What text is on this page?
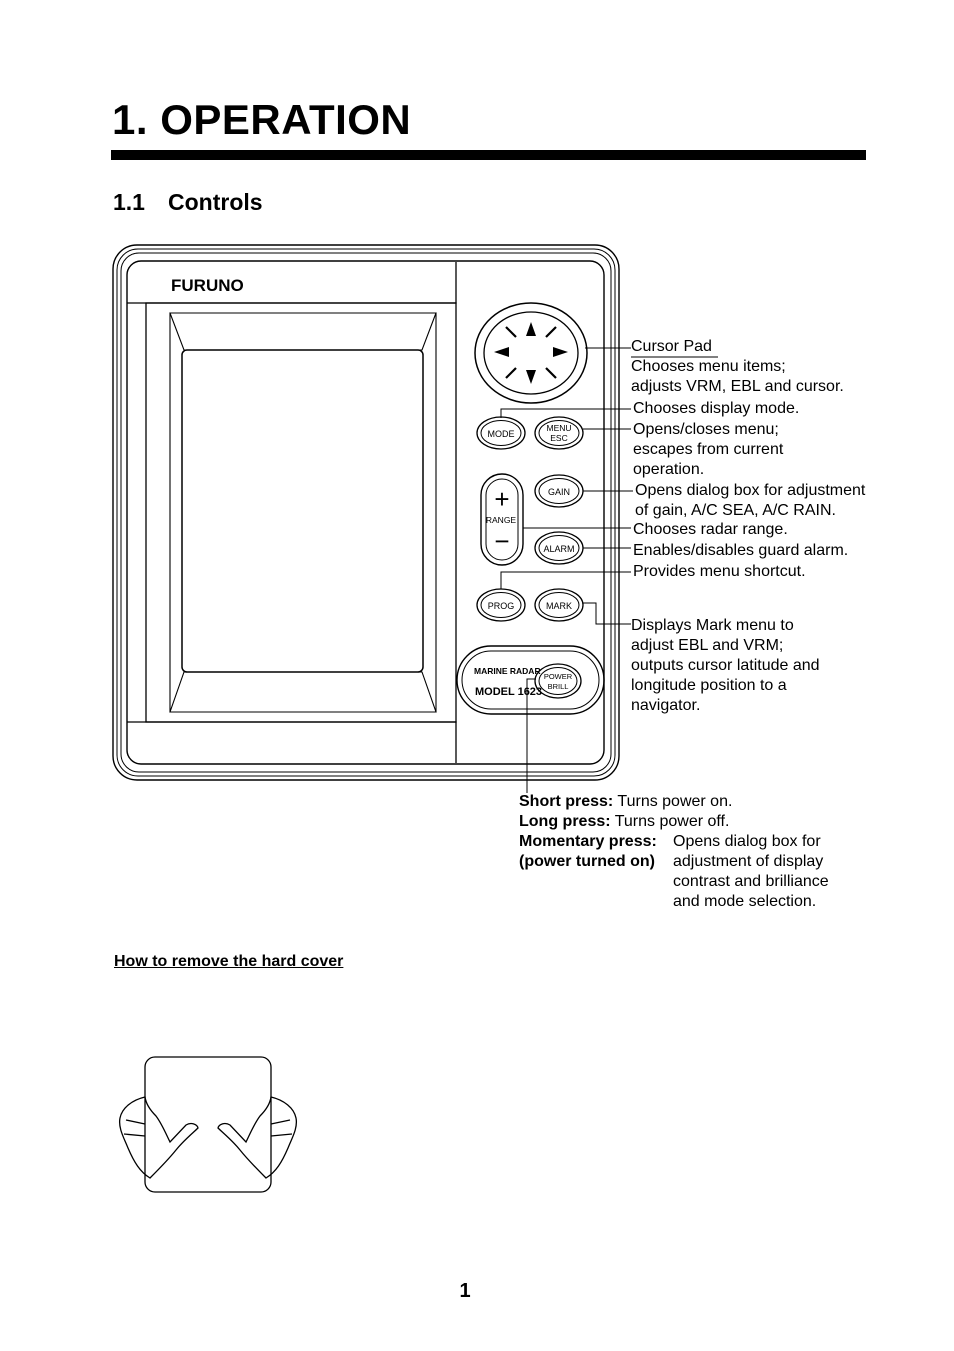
1. OPERATION
1.1 Controls
FURUNO
MODE
MENU
ESC
+
RANGE
−
GAIN
ALARM
PROG	MARK
MARINE RADAR
MODEL 1623
POWER
BRILL
Cursor Pad
Chooses menu items;
adjusts VRM, EBL and cursor.
Chooses display mode.
Opens/closes menu;
escapes from current
operation.
Opens dialog box for adjustment
of gain, A/C SEA, A/C RAIN.
Chooses radar range.
Enables/disables guard alarm.
Provides menu shortcut.
Displays Mark menu to
adjust EBL and VRM;
outputs cursor latitude and
longitude position to a
navigator.
Short press: Turns power on.
Long press: Turns power off.
Momentary press: Opens dialog box for
(power turned on) adjustment of display
contrast and brilliance
and mode selection.
How to remove the hard cover
1
